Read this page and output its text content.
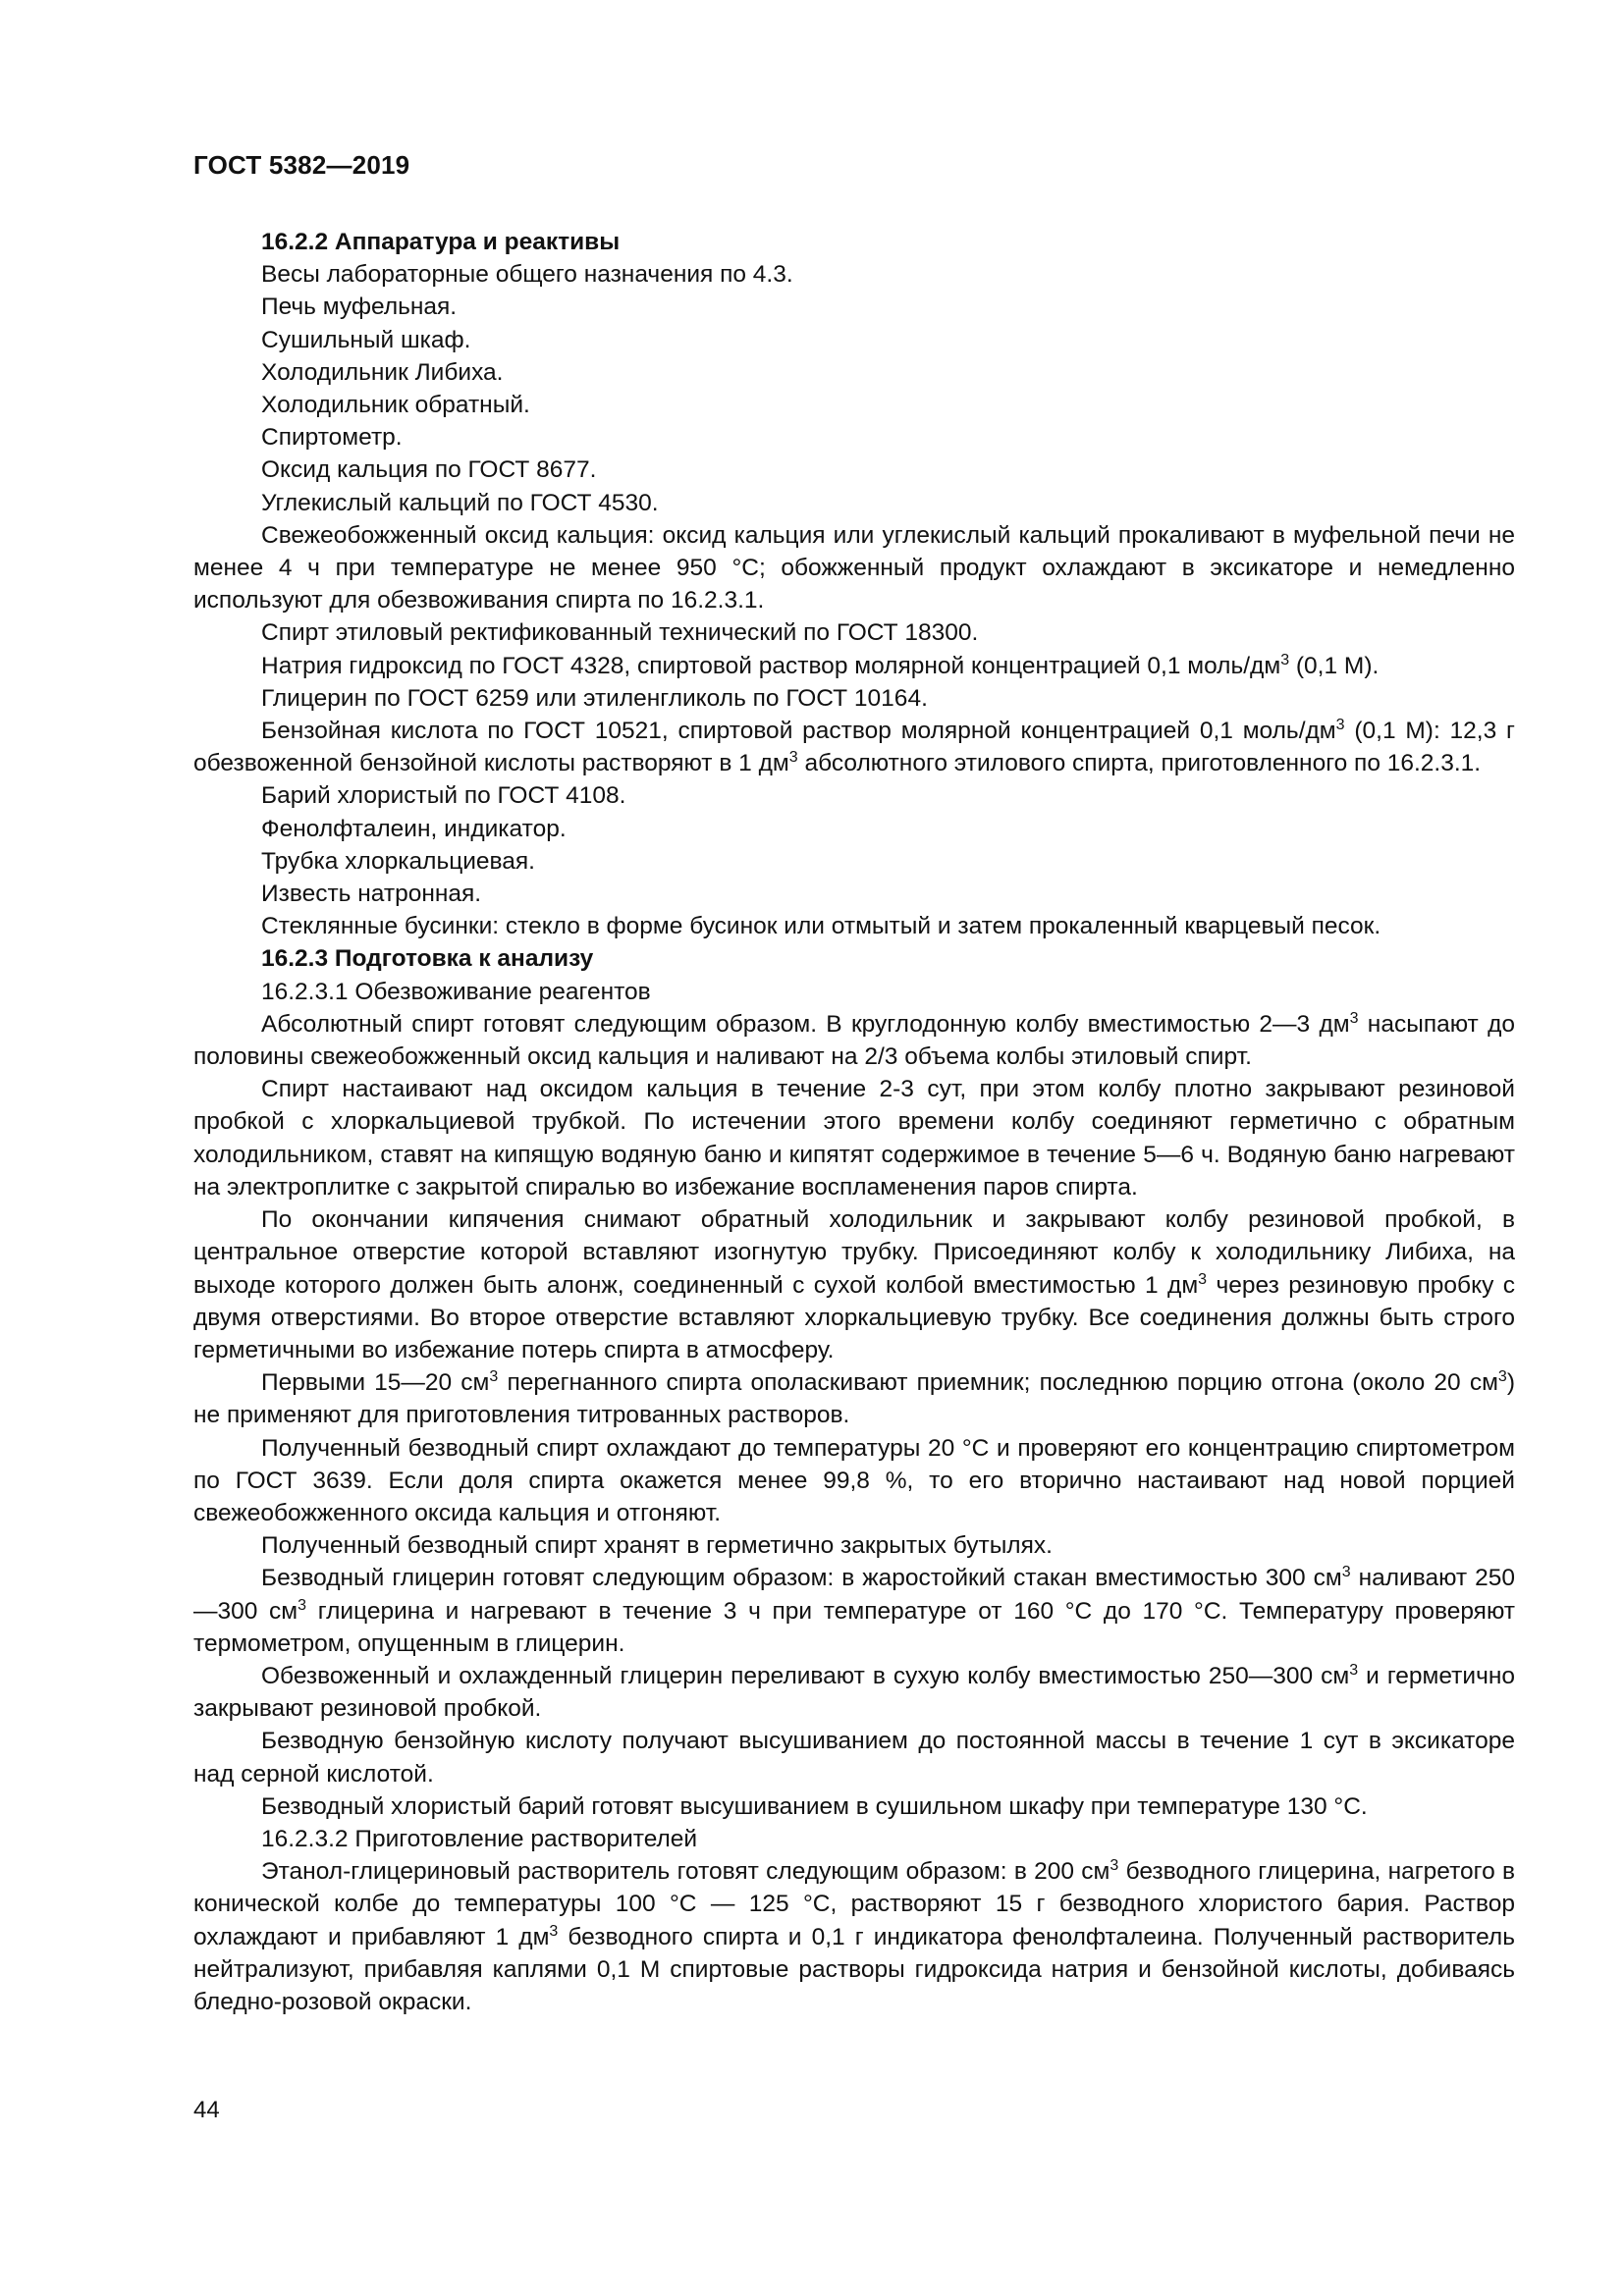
ГОСТ 5382—2019

16.2.2 Аппаратура и реактивы

Весы лабораторные общего назначения по 4.3.

Печь муфельная.

Сушильный шкаф.

Холодильник Либиха.

Холодильник обратный.

Спиртометр.

Оксид кальция по ГОСТ 8677.

Углекислый кальций по ГОСТ 4530.

Свежеобожженный оксид кальция: оксид кальция или углекислый кальций прокаливают в муфельной печи не менее 4 ч при температуре не менее 950 °С; обожженный продукт охлаждают в эксикаторе и немедленно используют для обезвоживания спирта по 16.2.3.1.

Спирт этиловый ректификованный технический по ГОСТ 18300.

Натрия гидроксид по ГОСТ 4328, спиртовой раствор молярной концентрацией 0,1 моль/$дм^3$ (0,1 М).

Глицерин по ГОСТ 6259 или этиленгликоль по ГОСТ 10164.

Бензойная кислота по ГОСТ 10521, спиртовой раствор молярной концентрацией 0,1 моль/$дм^3$ (0,1 М): 12,3 г обезвоженной бензойной кислоты растворяют в 1 $дм^3$ абсолютного этилового спирта, приготовленного по 16.2.3.1.

Барий хлористый по ГОСТ 4108.

Фенолфталеин, индикатор.

Трубка хлоркальциевая.

Известь натронная.

Стеклянные бусинки: стекло в форме бусинок или отмытый и затем прокаленный кварцевый песок.

16.2.3 Подготовка к анализу

16.2.3.1 Обезвоживание реагентов

Абсолютный спирт готовят следующим образом. В круглодонную колбу вместимостью 2—3 $дм^3$ насыпают до половины свежеобожженный оксид кальция и наливают на 2/3 объема колбы этиловый спирт.

Спирт настаивают над оксидом кальция в течение 2-3 сут, при этом колбу плотно закрывают резиновой пробкой с хлоркальциевой трубкой. По истечении этого времени колбу соединяют герметично с обратным холодильником, ставят на кипящую водяную баню и кипятят содержимое в течение 5—6 ч. Водяную баню нагревают на электроплитке с закрытой спиралью во избежание воспламенения паров спирта.

По окончании кипячения снимают обратный холодильник и закрывают колбу резиновой пробкой, в центральное отверстие которой вставляют изогнутую трубку. Присоединяют колбу к холодильнику Либиха, на выходе которого должен быть алонж, соединенный с сухой колбой вместимостью 1 $дм^3$ через резиновую пробку с двумя отверстиями. Во второе отверстие вставляют хлоркальциевую трубку. Все соединения должны быть строго герметичными во избежание потерь спирта в атмосферу.

Первыми 15—20 $см^3$ перегнанного спирта ополаскивают приемник; последнюю порцию отгона (около 20 $см^3$) не применяют для приготовления титрованных растворов.

Полученный безводный спирт охлаждают до температуры 20 °С и проверяют его концентрацию спиртометром по ГОСТ 3639. Если доля спирта окажется менее 99,8 %, то его вторично настаивают над новой порцией свежеобожженного оксида кальция и отгоняют.

Полученный безводный спирт хранят в герметично закрытых бутылях.

Безводный глицерин готовят следующим образом: в жаростойкий стакан вместимостью 300 $см^3$ наливают 250—300 $см^3$ глицерина и нагревают в течение 3 ч при температуре от 160 °С до 170 °С. Температуру проверяют термометром, опущенным в глицерин.

Обезвоженный и охлажденный глицерин переливают в сухую колбу вместимостью 250—300 $см^3$ и герметично закрывают резиновой пробкой.

Безводную бензойную кислоту получают высушиванием до постоянной массы в течение 1 сут в эксикаторе над серной кислотой.

Безводный хлористый барий готовят высушиванием в сушильном шкафу при температуре 130 °С.

16.2.3.2 Приготовление растворителей

Этанол-глицериновый растворитель готовят следующим образом: в 200 $см^3$ безводного глицерина, нагретого в конической колбе до температуры 100 °С — 125 °С, растворяют 15 г безводного хлористого бария. Раствор охлаждают и прибавляют 1 $дм^3$ безводного спирта и 0,1 г индикатора фенолфталеина. Полученный растворитель нейтрализуют, прибавляя каплями 0,1 М спиртовые растворы гидроксида натрия и бензойной кислоты, добиваясь бледно-розовой окраски.

44
